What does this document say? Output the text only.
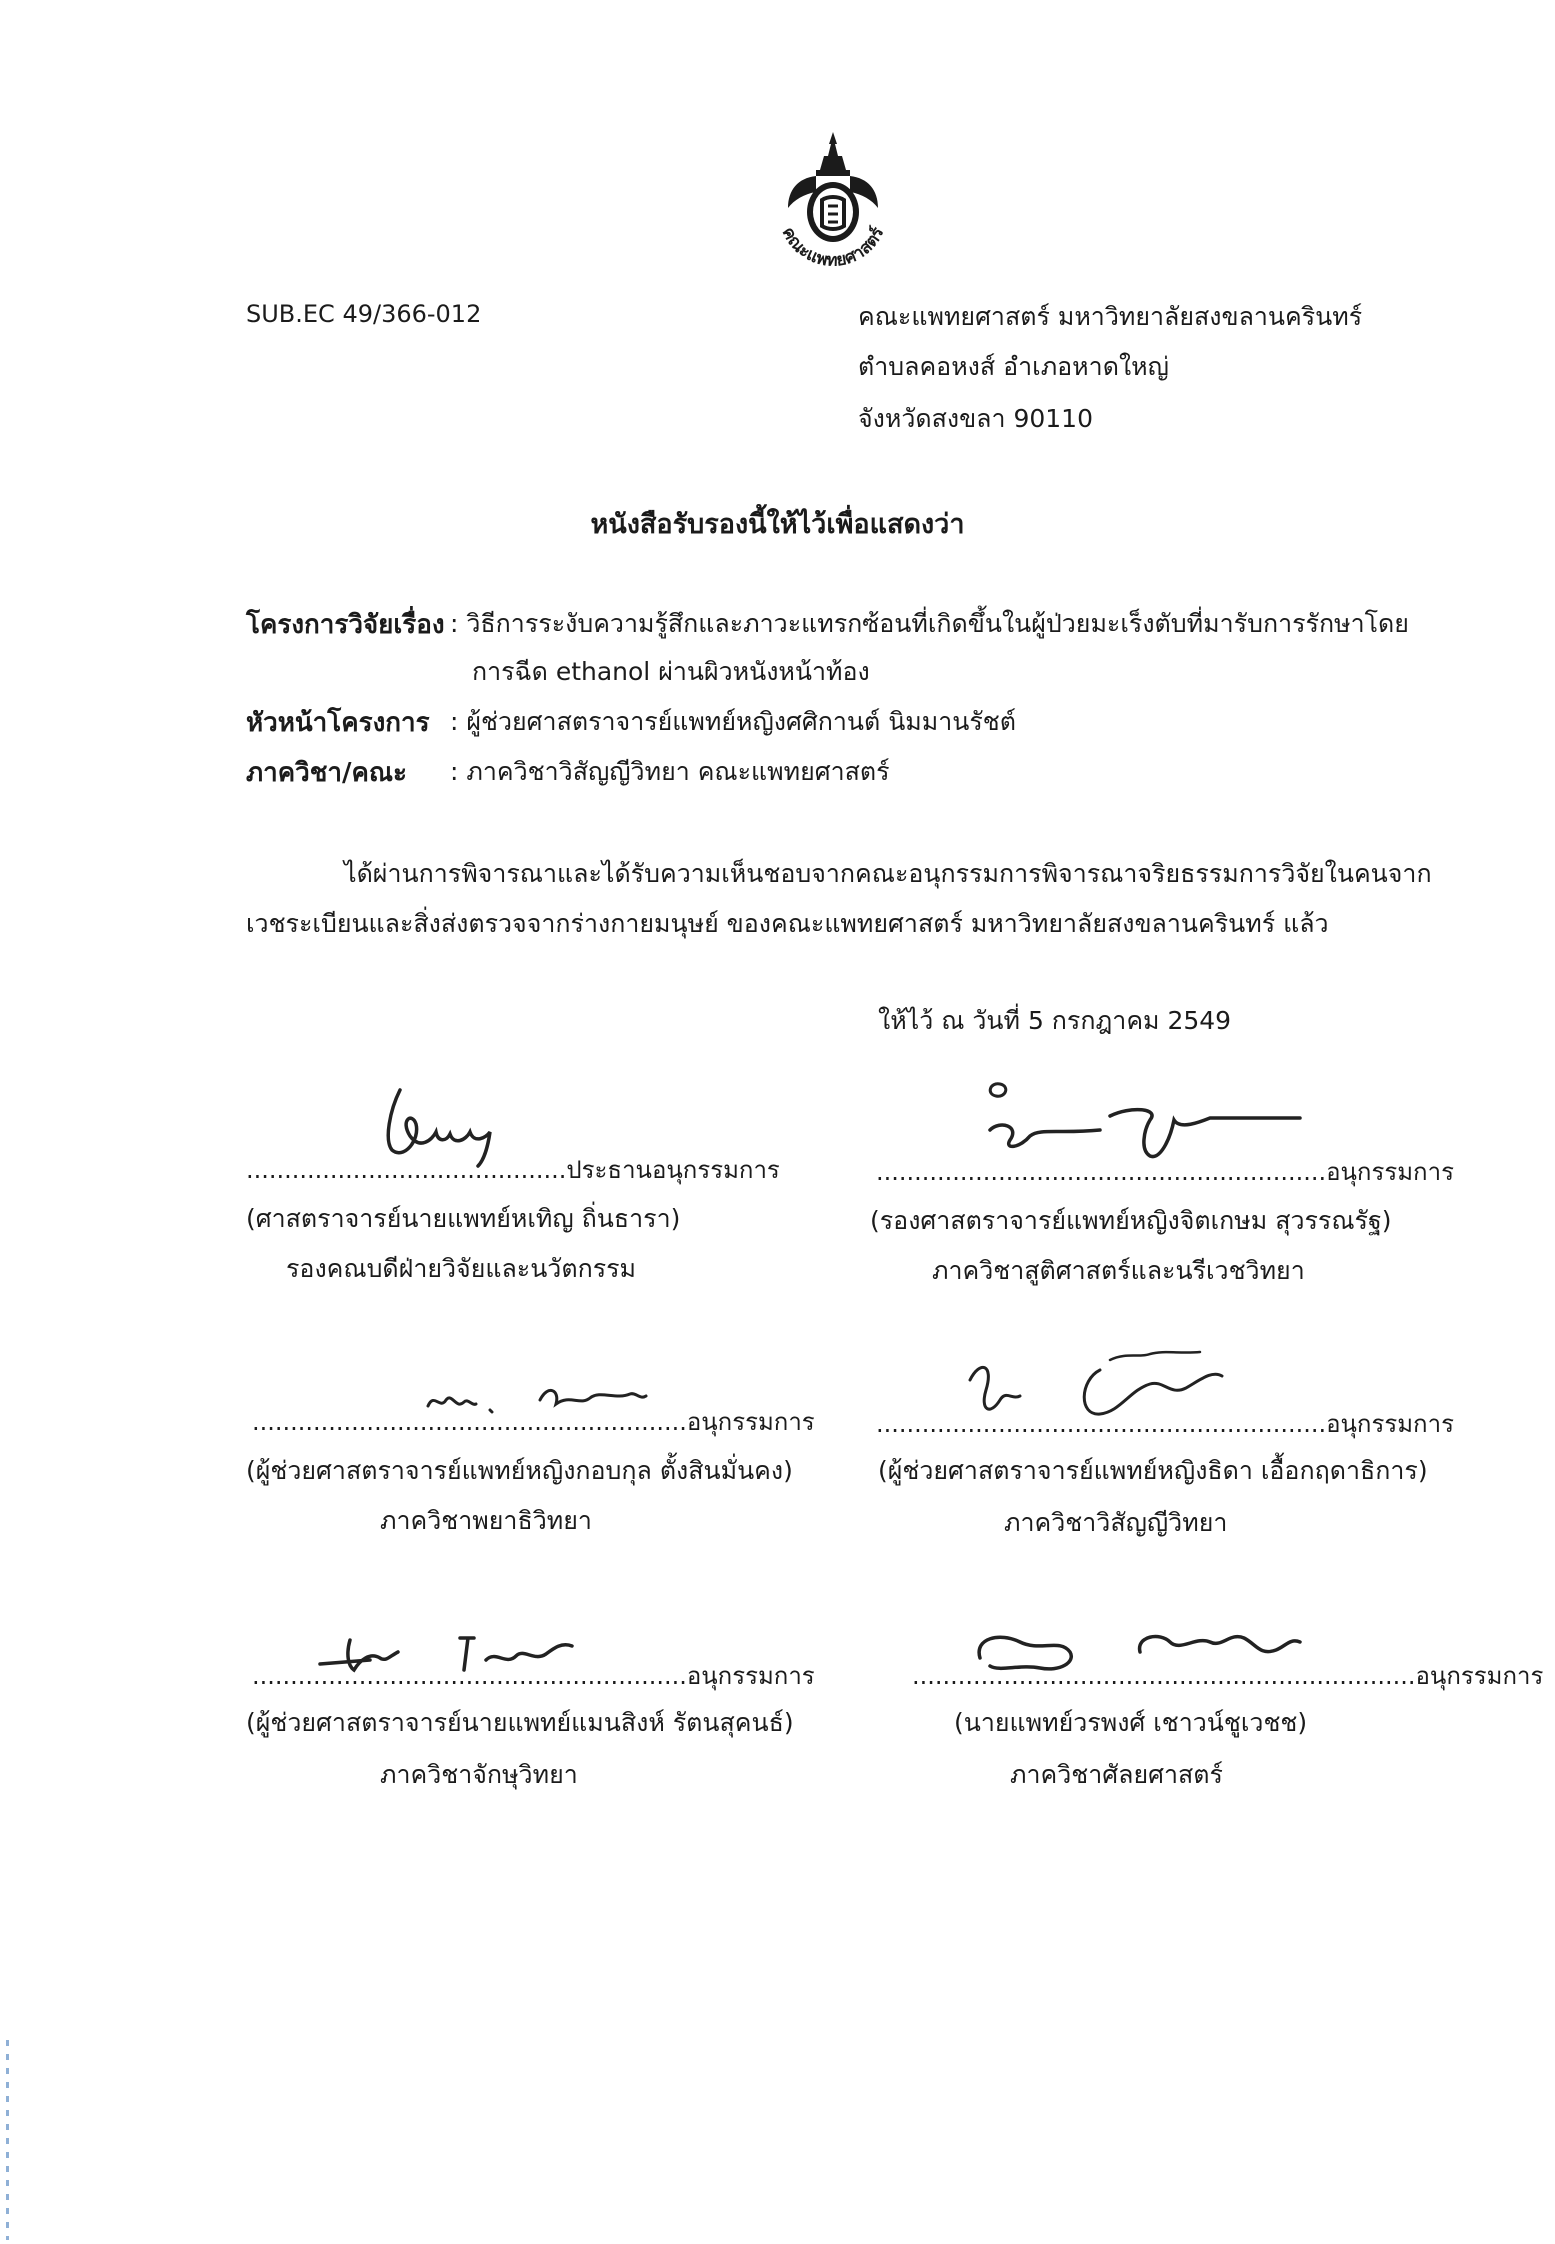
คณะแพทยศาสตร์
SUB.EC 49/366-012	คณะแพทยศาสตร์ มหาวิทยาลัยสงขลานครินทร์
ตำบลคอหงส์ อำเภอหาดใหญ่
จังหวัดสงขลา 90110
หนังสือรับรองนี้ให้ไว้เพื่อแสดงว่า
โครงการวิจัยเรื่อง : วิธีการระงับความรู้สึกและภาวะแทรกซ้อนที่เกิดขึ้นในผู้ป่วยมะเร็งตับที่มารับการรักษาโดย
การฉีด ethanol ผ่านผิวหนังหน้าท้อง
หัวหน้าโครงการ : ผู้ช่วยศาสตราจารย์แพทย์หญิงศศิกานต์ นิมมานรัชต์
ภาควิชา/คณะ : ภาควิชาวิสัญญีวิทยา คณะแพทยศาสตร์
ได้ผ่านการพิจารณาและได้รับความเห็นชอบจากคณะอนุกรรมการพิจารณาจริยธรรมการวิจัยในคนจาก
เวชระเบียนและสิ่งส่งตรวจจากร่างกายมนุษย์ ของคณะแพทยศาสตร์ มหาวิทยาลัยสงขลานครินทร์ แล้ว
ให้ไว้ ณ วันที่ 5 กรกฎาคม 2549
..........................................ประธานอนุกรรมการ
(ศาสตราจารย์นายแพทย์หเทิญ ถิ่นธารา)
รองคณบดีฝ่ายวิจัยและนวัตกรรม
...........................................................อนุกรรมการ
(รองศาสตราจารย์แพทย์หญิงจิตเกษม สุวรรณรัฐ)
ภาควิชาสูติศาสตร์และนรีเวชวิทยา
.........................................................อนุกรรมการ
(ผู้ช่วยศาสตราจารย์แพทย์หญิงกอบกุล ตั้งสินมั่นคง)
ภาควิชาพยาธิวิทยา
...........................................................อนุกรรมการ
(ผู้ช่วยศาสตราจารย์แพทย์หญิงธิดา เอื้อกฤดาธิการ)
ภาควิชาวิสัญญีวิทยา
.........................................................อนุกรรมการ
(ผู้ช่วยศาสตราจารย์นายแพทย์แมนสิงห์ รัตนสุคนธ์)
ภาควิชาจักษุวิทยา
..................................................................อนุกรรมการ
(นายแพทย์วรพงศ์ เชาวน์ชูเวชช)
ภาควิชาศัลยศาสตร์
